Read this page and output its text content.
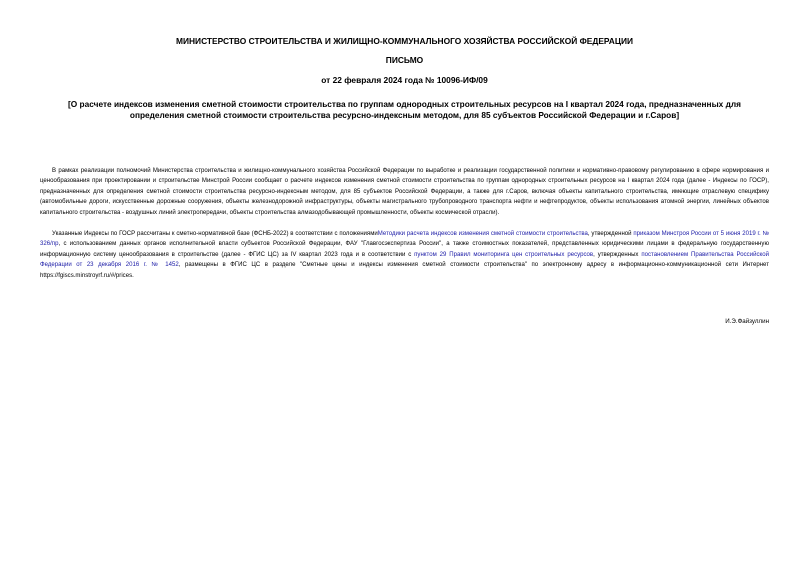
МИНИСТЕРСТВО СТРОИТЕЛЬСТВА И ЖИЛИЩНО-КОММУНАЛЬНОГО ХОЗЯЙСТВА РОССИЙСКОЙ ФЕДЕРАЦИИ

ПИСЬМО

от 22 февраля 2024 года № 10096-ИФ/09

[О расчете индексов изменения сметной стоимости строительства по группам однородных строительных ресурсов на I квартал 2024 года, предназначенных для определения сметной стоимости строительства ресурсно-индексным методом, для 85 субъектов Российской Федерации и г.Саров]

В рамках реализации полномочий Министерства строительства и жилищно-коммунального хозяйства Российской Федерации по выработке и реализации государственной политики и нормативно-правовому регулированию в сфере нормирования и ценообразования при проектировании и строительстве Минстрой России сообщает о расчете индексов изменения сметной стоимости строительства по группам однородных строительных ресурсов на I квартал 2024 года (далее - Индексы по ГОСР), предназначенных для определения сметной стоимости строительства ресурсно-индексным методом, для 85 субъектов Российской Федерации, а также для г.Саров, включая объекты капитального строительства, имеющие отраслевую специфику (автомобильные дороги, искусственные дорожные сооружения, объекты железнодорожной инфраструктуры, объекты магистрального трубопроводного транспорта нефти и нефтепродуктов, объекты использования атомной энергии, линейных объектов капитального строительства - воздушных линий электропередачи, объекты строительства алмазодобывающей промышленности, объекты космической отрасли).

Указанные Индексы по ГОСР рассчитаны к сметно-нормативной базе (ФСНБ-2022) в соответствии с положениямиМетодики расчета индексов изменения сметной стоимости строительства, утвержденной приказом Минстроя России от 5 июня 2019 г. № 326/пр, с использованием данных органов исполнительной власти субъектов Российской Федерации, ФАУ "Главгосэкспертиза России", а также стоимостных показателей, представленных юридическими лицами в федеральную государственную информационную систему ценообразования в строительстве (далее - ФГИС ЦС) за IV квартал 2023 года и в соответствии с пунктом 29 Правил мониторинга цен строительных ресурсов, утвержденных постановлением Правительства Российской Федерации от 23 декабря 2016 г. № 1452, размещены в ФГИС ЦС в разделе "Сметные цены и индексы изменения сметной стоимости строительства" по электронному адресу в информационно-коммуникационной сети Интернет https://fgiscs.minstroyrf.ru/#/prices.

И.Э.Файзуллин
